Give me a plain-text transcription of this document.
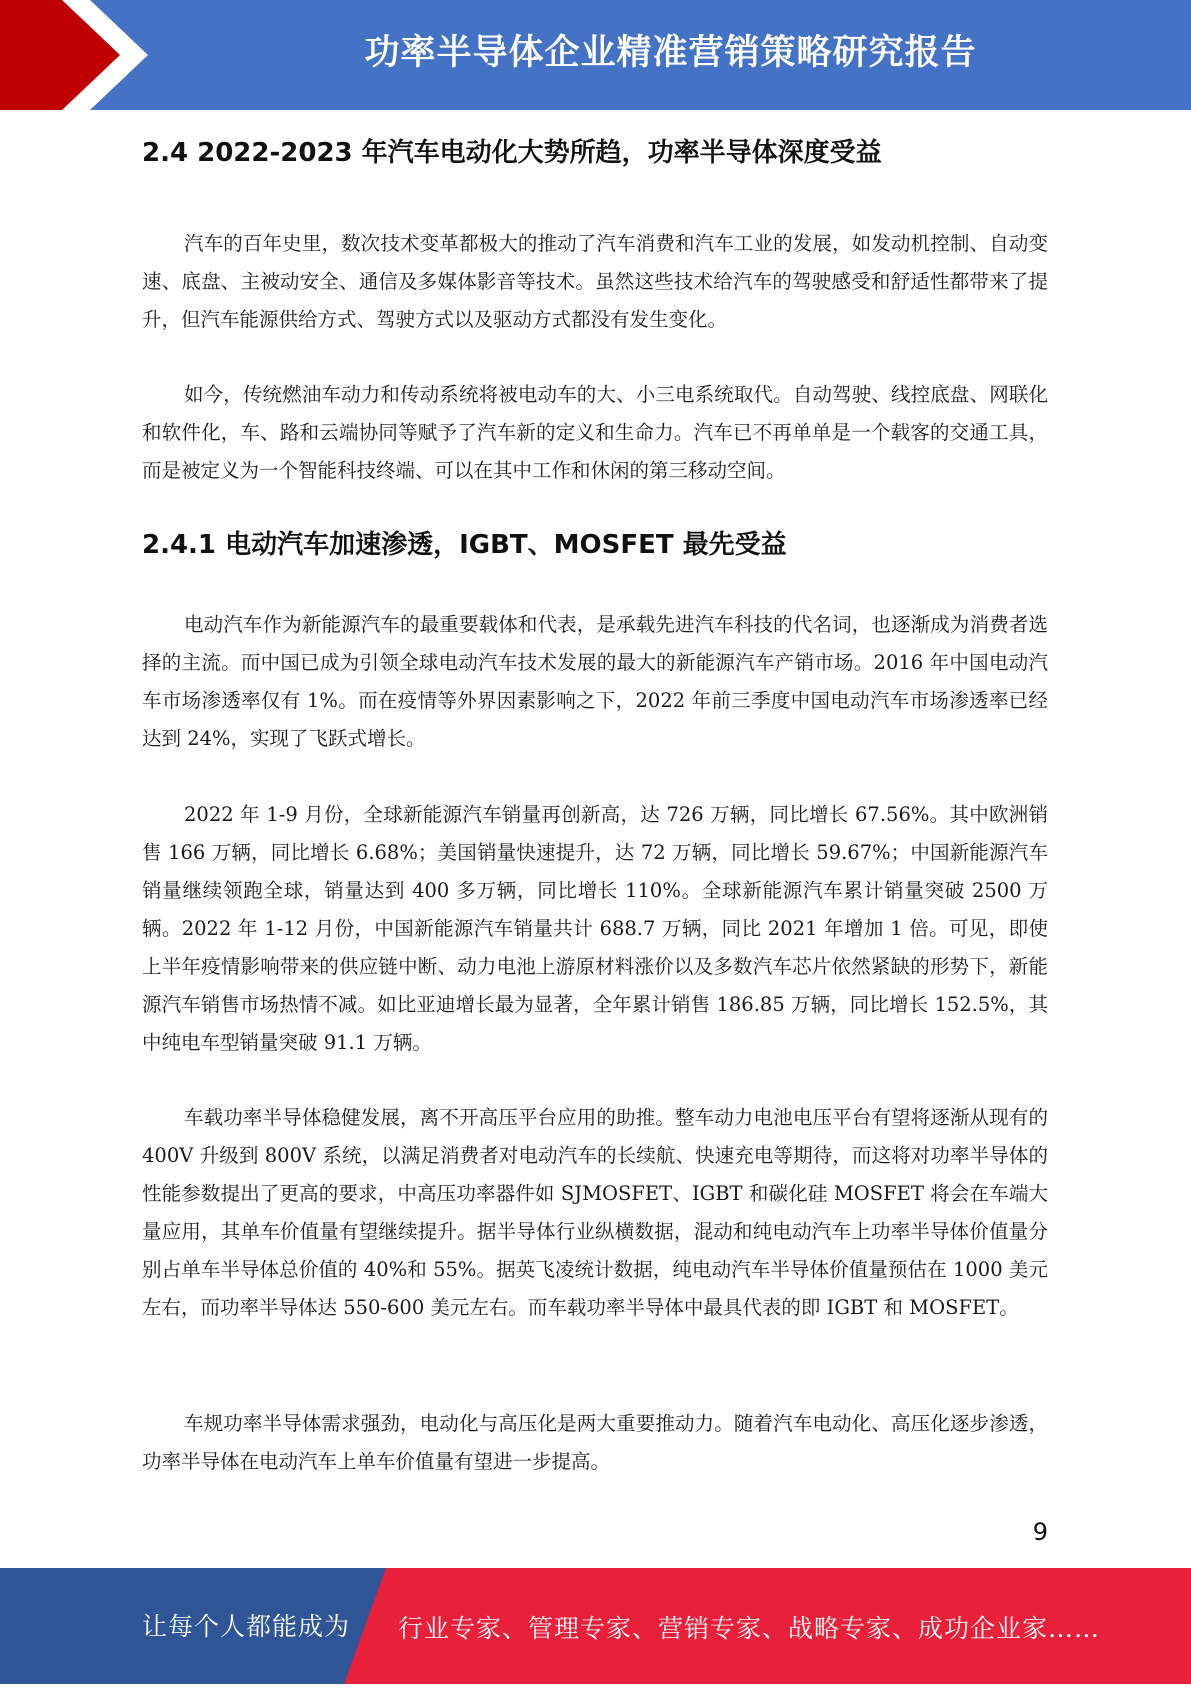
功率半导体企业精准营销策略研究报告
2.4 2022-2023 年汽车电动化大势所趋，功率半导体深度受益

汽车的百年史里，数次技术变革都极大的推动了汽车消费和汽车工业的发展，如发动机控制、自动变速、底盘、主被动安全、通信及多媒体影音等技术。虽然这些技术给汽车的驾驶感受和舒适性都带来了提升，但汽车能源供给方式、驾驶方式以及驱动方式都没有发生变化。

如今，传统燃油车动力和传动系统将被电动车的大、小三电系统取代。自动驾驶、线控底盘、网联化和软件化，车、路和云端协同等赋予了汽车新的定义和生命力。汽车已不再单单是一个载客的交通工具，而是被定义为一个智能科技终端、可以在其中工作和休闲的第三移动空间。

2.4.1 电动汽车加速渗透，IGBT、MOSFET 最先受益

电动汽车作为新能源汽车的最重要载体和代表，是承载先进汽车科技的代名词，也逐渐成为消费者选择的主流。而中国已成为引领全球电动汽车技术发展的最大的新能源汽车产销市场。2016 年中国电动汽车市场渗透率仅有 1%。而在疫情等外界因素影响之下，2022 年前三季度中国电动汽车市场渗透率已经达到 24%，实现了飞跃式增长。

2022 年 1-9 月份，全球新能源汽车销量再创新高，达 726 万辆，同比增长 67.56%。其中欧洲销售 166 万辆，同比增长 6.68%；美国销量快速提升，达 72 万辆，同比增长 59.67%；中国新能源汽车销量继续领跑全球，销量达到 400 多万辆，同比增长 110%。全球新能源汽车累计销量突破 2500 万辆。2022 年 1-12 月份，中国新能源汽车销量共计 688.7 万辆，同比 2021 年增加 1 倍。可见，即使上半年疫情影响带来的供应链中断、动力电池上游原材料涨价以及多数汽车芯片依然紧缺的形势下，新能源汽车销售市场热情不减。如比亚迪增长最为显著，全年累计销售 186.85 万辆，同比增长 152.5%，其中纯电车型销量突破 91.1 万辆。

车载功率半导体稳健发展，离不开高压平台应用的助推。整车动力电池电压平台有望将逐渐从现有的 400V 升级到 800V 系统，以满足消费者对电动汽车的长续航、快速充电等期待，而这将对功率半导体的性能参数提出了更高的要求，中高压功率器件如 SJMOSFET、IGBT 和碳化硅 MOSFET 将会在车端大量应用，其单车价值量有望继续提升。据半导体行业纵横数据，混动和纯电动汽车上功率半导体价值量分别占单车半导体总价值的 40%和 55%。据英飞凌统计数据，纯电动汽车半导体价值量预估在 1000 美元左右，而功率半导体达 550-600 美元左右。而车载功率半导体中最具代表的即 IGBT 和 MOSFET。

车规功率半导体需求强劲，电动化与高压化是两大重要推动力。随着汽车电动化、高压化逐步渗透，功率半导体在电动汽车上单车价值量有望进一步提高。

9
让每个人都能成为 行业专家、管理专家、营销专家、战略专家、成功企业家……
